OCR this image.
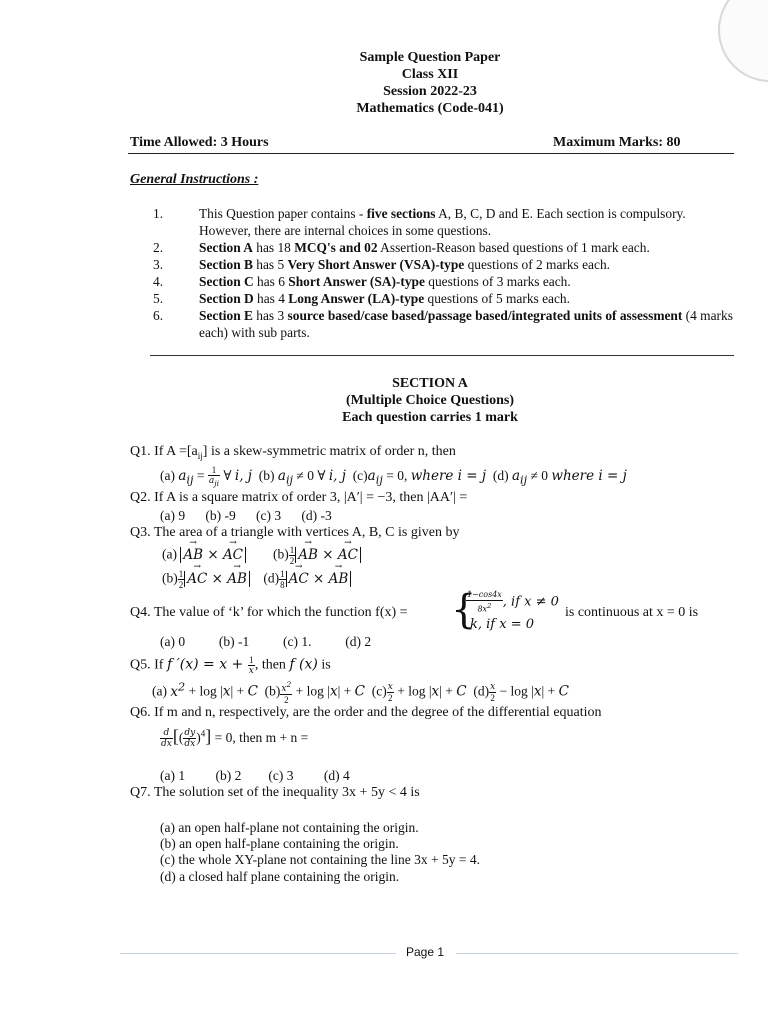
Sample Question Paper
Class XII
Session 2022-23
Mathematics (Code-041)
Time Allowed: 3 Hours	Maximum Marks: 80
General Instructions :
1.	This Question paper contains - five sections A, B, C, D and E. Each section is compulsory. However, there are internal choices in some questions.
2.	Section A has 18 MCQ's and 02 Assertion-Reason based questions of 1 mark each.
3.	Section B has 5 Very Short Answer (VSA)-type questions of 2 marks each.
4.	Section C has 6 Short Answer (SA)-type questions of 3 marks each.
5.	Section D has 4 Long Answer (LA)-type questions of 5 marks each.
6.	Section E has 3 source based/case based/passage based/integrated units of assessment (4 marks each) with sub parts.
SECTION A
(Multiple Choice Questions)
Each question carries 1 mark
Q1. If $A =[a_{ij}]$ is a skew-symmetric matrix of order n, then
(a) $a_{ij} = \frac{1}{a_{ji}}$ ∀ i, j  (b) $a_{ij} \ne 0$ ∀ i, j  $(c)a_{ij} = 0$, where i = j  (d) $a_{ij} \ne 0$ where i = j
Q2. If A is a square matrix of order 3, |A′| = −3, then |AA′| =
(a) 9 (b) -9 (c) 3 (d) -3
Q3. The area of a triangle with vertices A, B, C is given by
(a) → AB × → AC        $(b) \frac{1}{2}$ → AB × → AC
$(b) \frac{1}{2}$ → AC × → AB    $(d) \frac{1}{8}$ → AC × → AB
Q4. The value of ‘k’ for which the function f(x) = {
$\frac{1-\cos 4x}{8x^2}$ , if x ≠ 0
k, if x = 0
is continuous at x = 0 is
(a) 0	(b) -1	(c) 1.	(d) 2
Q5. If f $'(x) = x + \frac{1}{x}$ , then f (x) is
(a) $x^2 + \log |x| + C$  $(b) \frac{x^2}{2} + \log |x| + C$  $(c) \frac{x}{2} + \log |x| + C$  $(d) \frac{x}{2} - \log |x| + C$
Q6. If m and n, respectively, are the order and the degree of the differential equation
$\frac{d}{dx}$ [( $\frac{dy}{dx} )^4] = 0$, then m + n =
(a) 1 (b) 2 (c) 3 (d) 4
Q7. The solution set of the inequality 3x + 5y < 4 is
(a) an open half-plane not containing the origin.
(b) an open half-plane containing the origin.
(c) the whole XY-plane not containing the line 3x + 5y = 4.
(d) a closed half plane containing the origin.
Page 1
